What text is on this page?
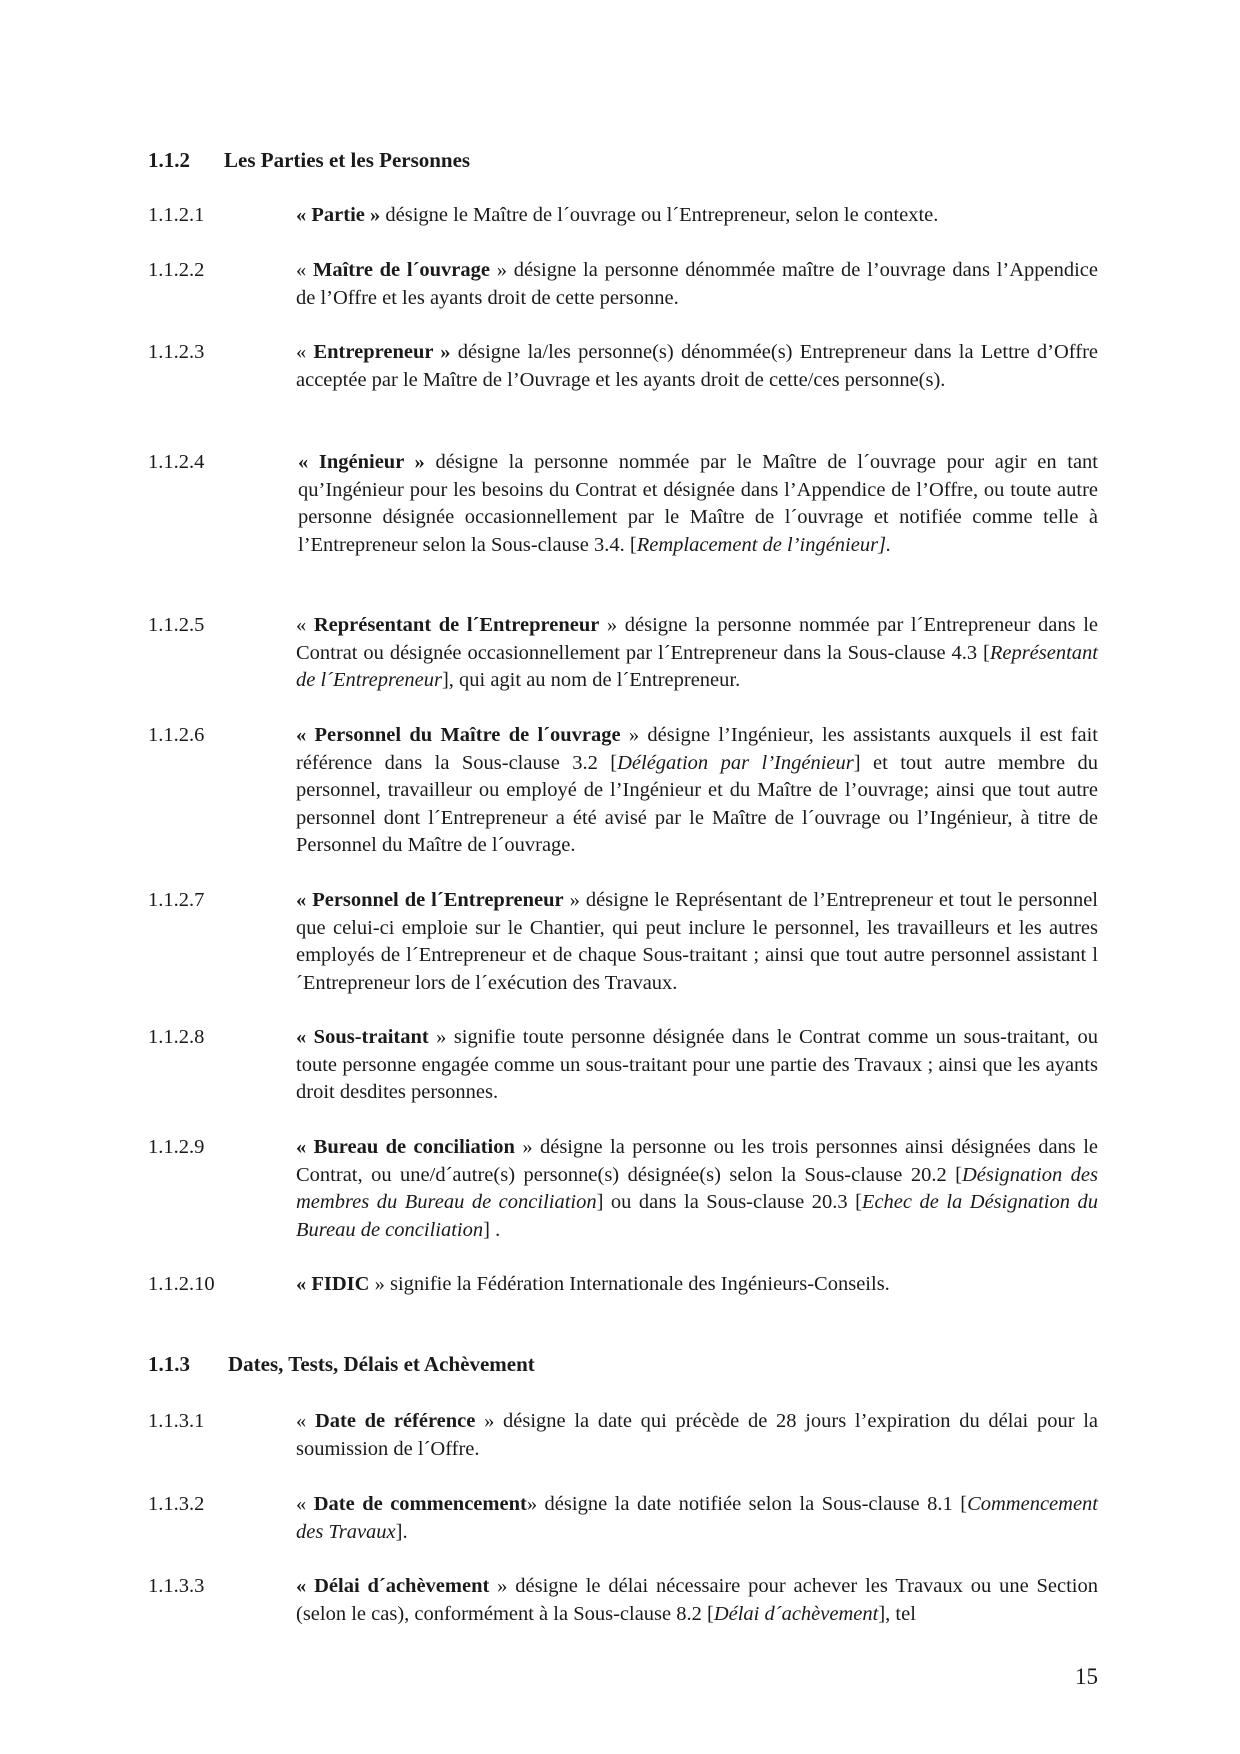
1.1.2 Les Parties et les Personnes
1.1.2.1	« Partie » désigne le Maître de l´ouvrage ou l´Entrepreneur, selon le contexte.
1.1.2.2	« Maître de l´ouvrage » désigne la personne dénommée maître de l’ouvrage dans l’Appendice de l’Offre et les ayants droit de cette personne.
1.1.2.3	« Entrepreneur » désigne la/les personne(s) dénommée(s) Entrepreneur dans la Lettre d’Offre acceptée par le Maître de l’Ouvrage et les ayants droit de cette/ces personne(s).
1.1.2.4	« Ingénieur » désigne la personne nommée par le Maître de l´ouvrage pour agir en tant qu’Ingénieur pour les besoins du Contrat et désignée dans l’Appendice de l’Offre, ou toute autre personne désignée occasionnellement par le Maître de l´ouvrage et notifiée comme telle à l’Entrepreneur selon la Sous-clause 3.4. [Remplacement de l’ingénieur].
1.1.2.5	« Représentant de l´Entrepreneur » désigne la personne nommée par l´Entrepreneur dans le Contrat ou désignée occasionnellement par l´Entrepreneur dans la Sous-clause 4.3 [Représentant de l´Entrepreneur], qui agit au nom de l´Entrepreneur.
1.1.2.6	« Personnel du Maître de l´ouvrage » désigne l’Ingénieur, les assistants auxquels il est fait référence dans la Sous-clause 3.2 [Délégation par l’Ingénieur] et tout autre membre du personnel, travailleur ou employé de l’Ingénieur et du Maître de l’ouvrage; ainsi que tout autre personnel dont l´Entrepreneur a été avisé par le Maître de l´ouvrage ou l’Ingénieur, à titre de Personnel du Maître de l´ouvrage.
1.1.2.7	« Personnel de l´Entrepreneur » désigne le Représentant de l’Entrepreneur et tout le personnel que celui-ci emploie sur le Chantier, qui peut inclure le personnel, les travailleurs et les autres employés de l´Entrepreneur et de chaque Sous-traitant ; ainsi que tout autre personnel assistant l´Entrepreneur lors de l´exécution des Travaux.
1.1.2.8	« Sous-traitant » signifie toute personne désignée dans le Contrat comme un sous-traitant, ou toute personne engagée comme un sous-traitant pour une partie des Travaux ; ainsi que les ayants droit desdites personnes.
1.1.2.9	« Bureau de conciliation » désigne la personne ou les trois personnes ainsi désignées dans le Contrat, ou une/d´autre(s) personne(s) désignée(s) selon la Sous-clause 20.2 [Désignation des membres du Bureau de conciliation] ou dans la Sous-clause 20.3 [Echec de la Désignation du Bureau de conciliation] .
1.1.2.10	« FIDIC » signifie la Fédération Internationale des Ingénieurs-Conseils.
1.1.3 Dates, Tests, Délais et Achèvement
1.1.3.1	« Date de référence » désigne la date qui précède de 28 jours l’expiration du délai pour la soumission de l´Offre.
1.1.3.2	« Date de commencement» désigne la date notifiée selon la Sous-clause 8.1 [Commencement des Travaux].
1.1.3.3	« Délai d´achèvement » désigne le délai nécessaire pour achever les Travaux ou une Section (selon le cas), conformément à la Sous-clause 8.2 [Délai d´achèvement], tel
15
